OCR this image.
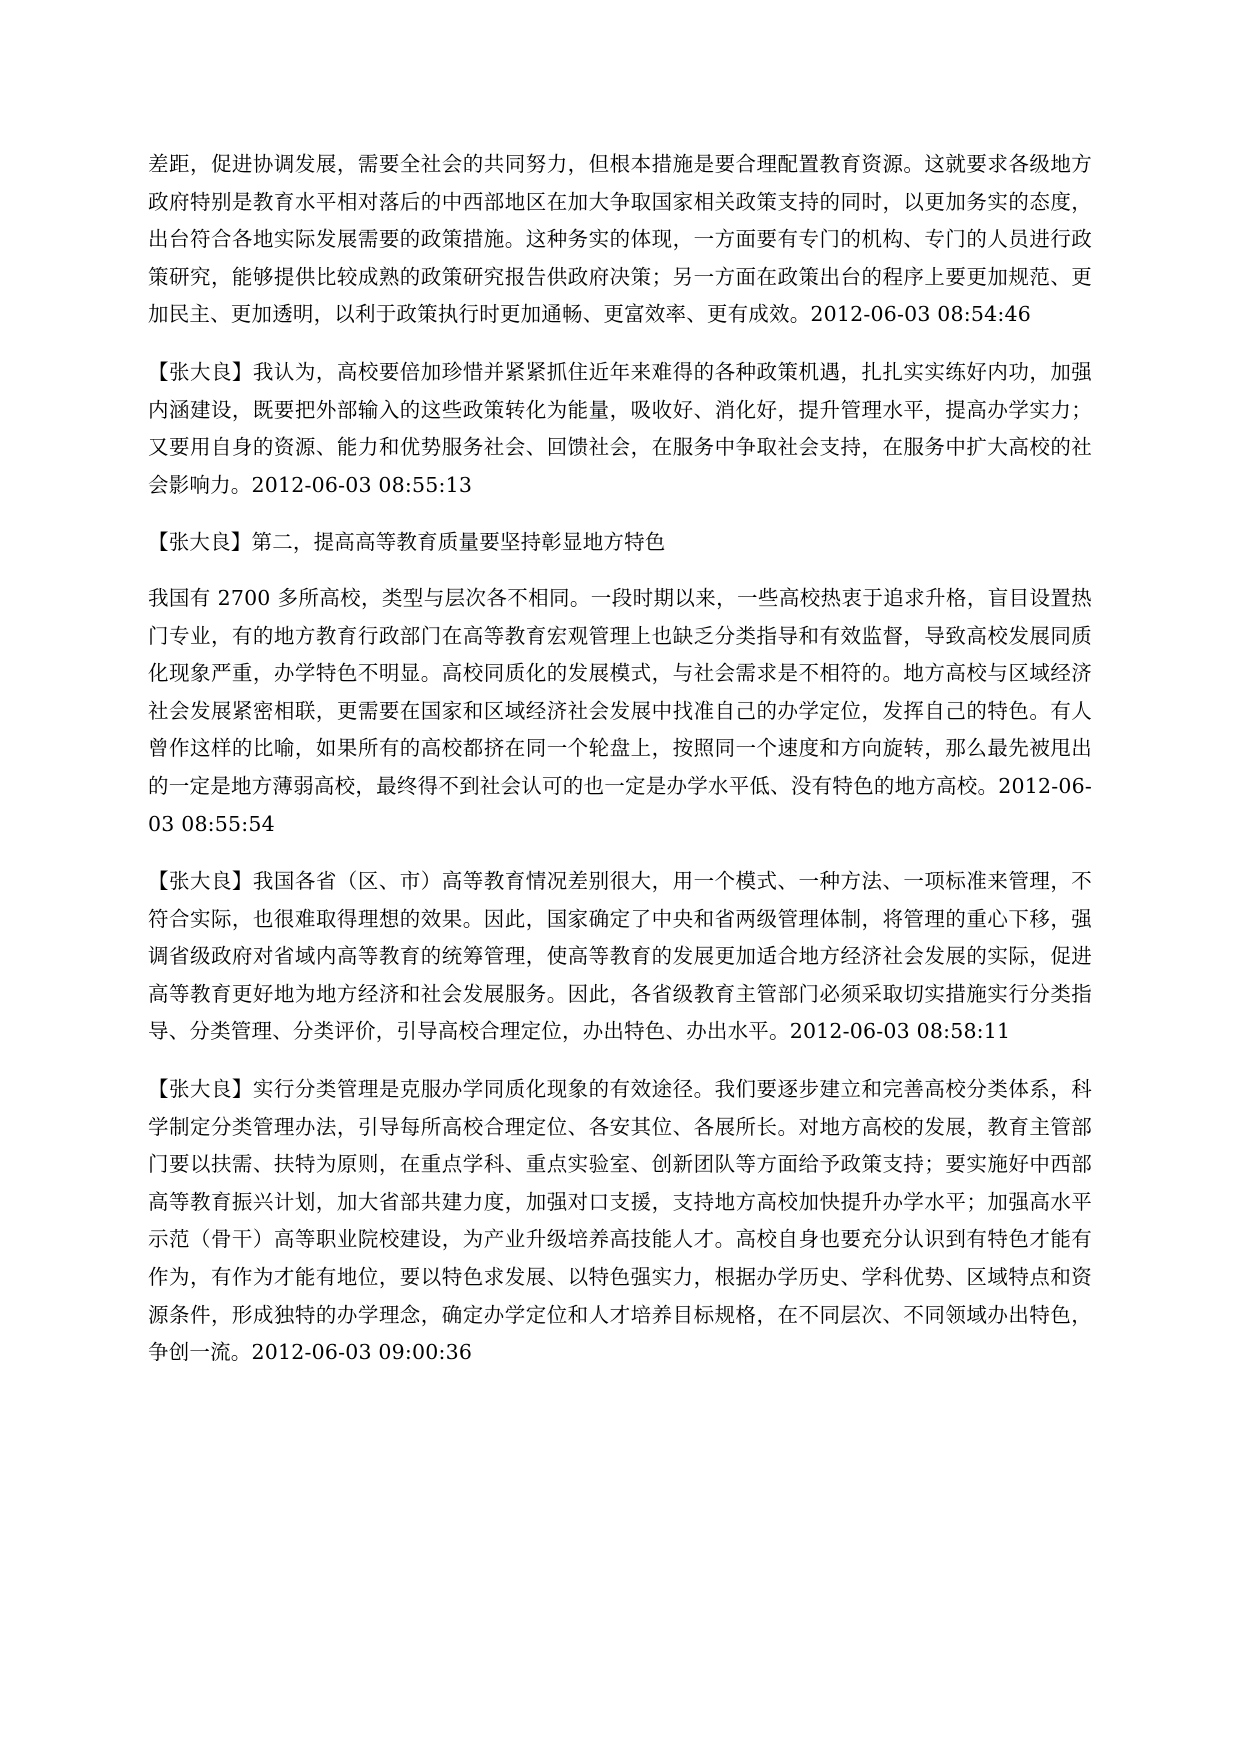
差距，促进协调发展，需要全社会的共同努力，但根本措施是要合理配置教育资源。这就要求各级地方政府特别是教育水平相对落后的中西部地区在加大争取国家相关政策支持的同时，以更加务实的态度，出台符合各地实际发展需要的政策措施。这种务实的体现，一方面要有专门的机构、专门的人员进行政策研究，能够提供比较成熟的政策研究报告供政府决策；另一方面在政策出台的程序上要更加规范、更加民主、更加透明，以利于政策执行时更加通畅、更富效率、更有成效。2012-06-03 08:54:46

【张大良】我认为，高校要倍加珍惜并紧紧抓住近年来难得的各种政策机遇，扎扎实实练好内功，加强内涵建设，既要把外部输入的这些政策转化为能量，吸收好、消化好，提升管理水平，提高办学实力；又要用自身的资源、能力和优势服务社会、回馈社会，在服务中争取社会支持，在服务中扩大高校的社会影响力。2012-06-03 08:55:13

【张大良】第二，提高高等教育质量要坚持彰显地方特色

我国有 2700 多所高校，类型与层次各不相同。一段时期以来，一些高校热衷于追求升格，盲目设置热门专业，有的地方教育行政部门在高等教育宏观管理上也缺乏分类指导和有效监督，导致高校发展同质化现象严重，办学特色不明显。高校同质化的发展模式，与社会需求是不相符的。地方高校与区域经济社会发展紧密相联，更需要在国家和区域经济社会发展中找准自己的办学定位，发挥自己的特色。有人曾作这样的比喻，如果所有的高校都挤在同一个轮盘上，按照同一个速度和方向旋转，那么最先被甩出的一定是地方薄弱高校，最终得不到社会认可的也一定是办学水平低、没有特色的地方高校。2012-06-03 08:55:54

【张大良】我国各省（区、市）高等教育情况差别很大，用一个模式、一种方法、一项标准来管理，不符合实际，也很难取得理想的效果。因此，国家确定了中央和省两级管理体制，将管理的重心下移，强调省级政府对省域内高等教育的统筹管理，使高等教育的发展更加适合地方经济社会发展的实际，促进高等教育更好地为地方经济和社会发展服务。因此，各省级教育主管部门必须采取切实措施实行分类指导、分类管理、分类评价，引导高校合理定位，办出特色、办出水平。2012-06-03 08:58:11

【张大良】实行分类管理是克服办学同质化现象的有效途径。我们要逐步建立和完善高校分类体系，科学制定分类管理办法，引导每所高校合理定位、各安其位、各展所长。对地方高校的发展，教育主管部门要以扶需、扶特为原则，在重点学科、重点实验室、创新团队等方面给予政策支持；要实施好中西部高等教育振兴计划，加大省部共建力度，加强对口支援，支持地方高校加快提升办学水平；加强高水平示范（骨干）高等职业院校建设，为产业升级培养高技能人才。高校自身也要充分认识到有特色才能有作为，有作为才能有地位，要以特色求发展、以特色强实力，根据办学历史、学科优势、区域特点和资源条件，形成独特的办学理念，确定办学定位和人才培养目标规格，在不同层次、不同领域办出特色，争创一流。2012-06-03 09:00:36
